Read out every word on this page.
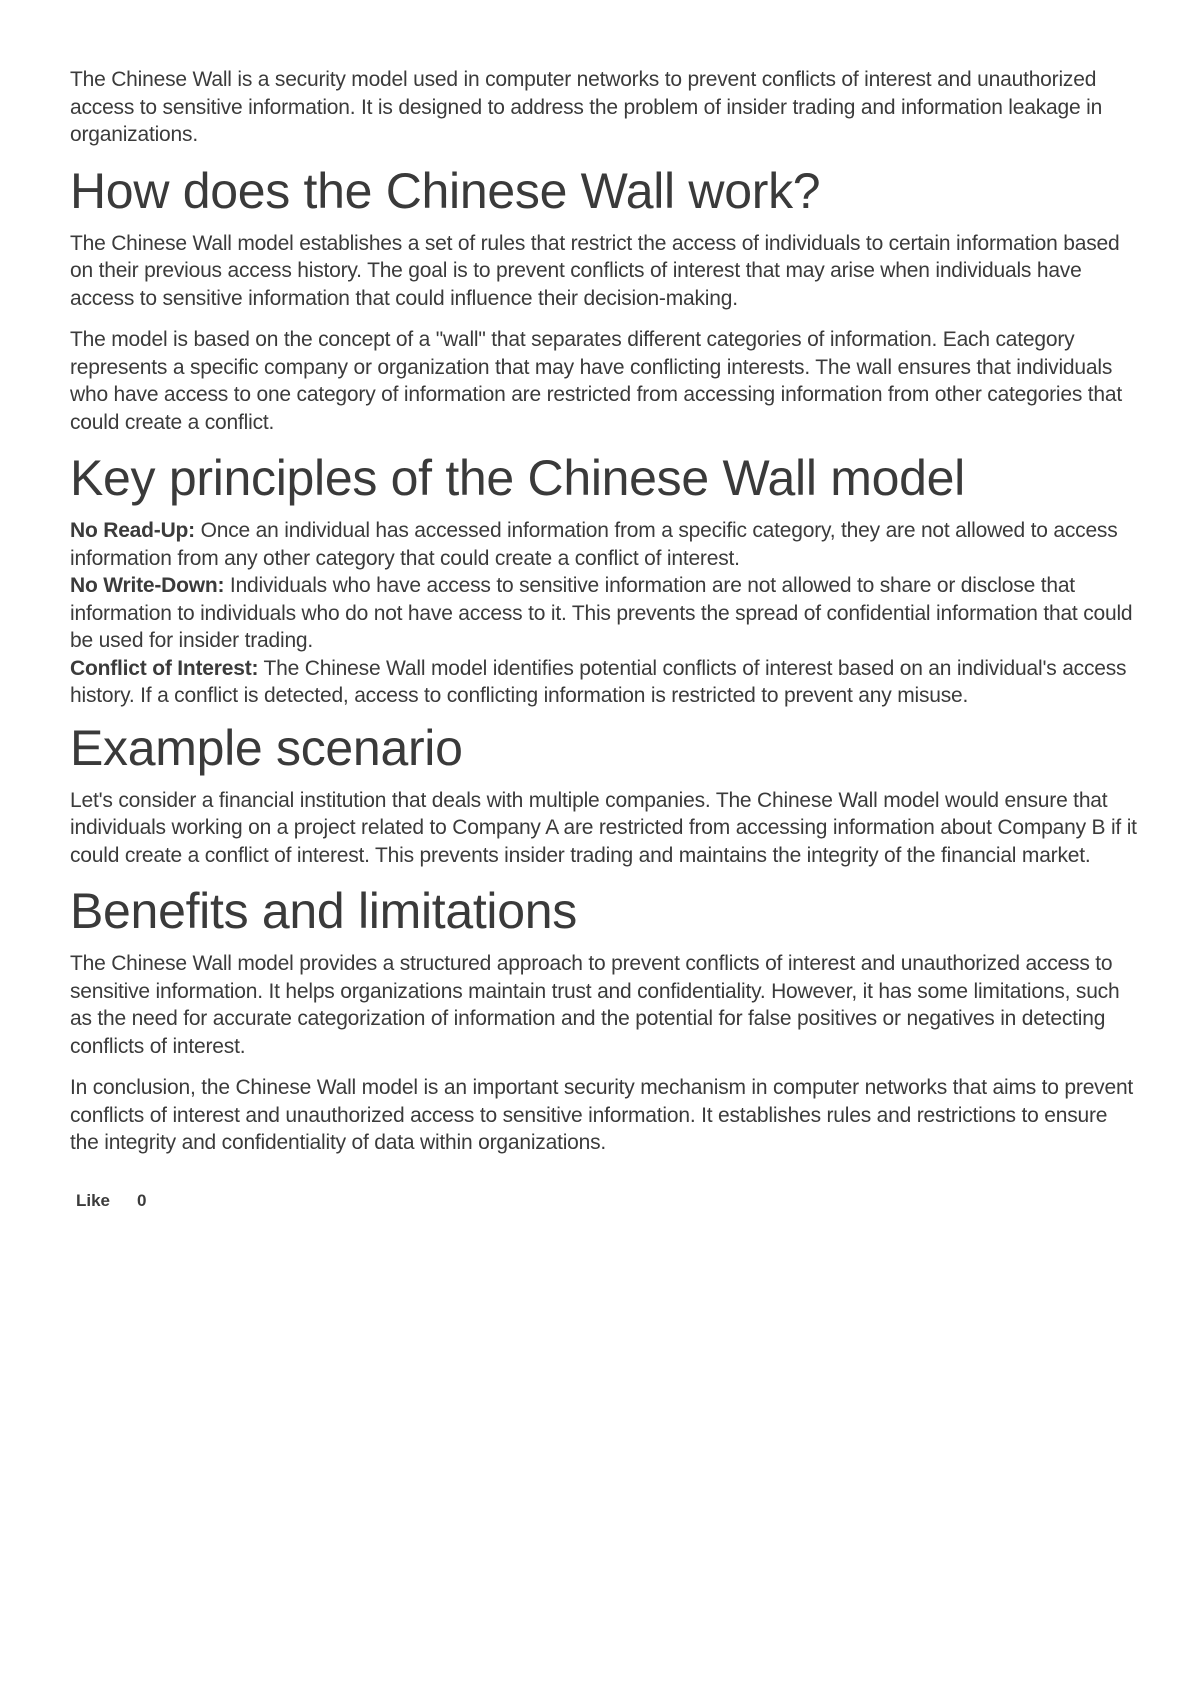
The Chinese Wall is a security model used in computer networks to prevent conflicts of interest and unauthorized access to sensitive information. It is designed to address the problem of insider trading and information leakage in organizations.

How does the Chinese Wall work?

The Chinese Wall model establishes a set of rules that restrict the access of individuals to certain information based on their previous access history. The goal is to prevent conflicts of interest that may arise when individuals have access to sensitive information that could influence their decision-making.

The model is based on the concept of a "wall" that separates different categories of information. Each category represents a specific company or organization that may have conflicting interests. The wall ensures that individuals who have access to one category of information are restricted from accessing information from other categories that could create a conflict.

Key principles of the Chinese Wall model
No Read-Up: Once an individual has accessed information from a specific category, they are not allowed to access information from any other category that could create a conflict of interest.
No Write-Down: Individuals who have access to sensitive information are not allowed to share or disclose that information to individuals who do not have access to it. This prevents the spread of confidential information that could be used for insider trading.
Conflict of Interest: The Chinese Wall model identifies potential conflicts of interest based on an individual's access history. If a conflict is detected, access to conflicting information is restricted to prevent any misuse.
Example scenario

Let's consider a financial institution that deals with multiple companies. The Chinese Wall model would ensure that individuals working on a project related to Company A are restricted from accessing information about Company B if it could create a conflict of interest. This prevents insider trading and maintains the integrity of the financial market.

Benefits and limitations

The Chinese Wall model provides a structured approach to prevent conflicts of interest and unauthorized access to sensitive information. It helps organizations maintain trust and confidentiality. However, it has some limitations, such as the need for accurate categorization of information and the potential for false positives or negatives in detecting conflicts of interest.

In conclusion, the Chinese Wall model is an important security mechanism in computer networks that aims to prevent conflicts of interest and unauthorized access to sensitive information. It establishes rules and restrictions to ensure the integrity and confidentiality of data within organizations.

Like 0
